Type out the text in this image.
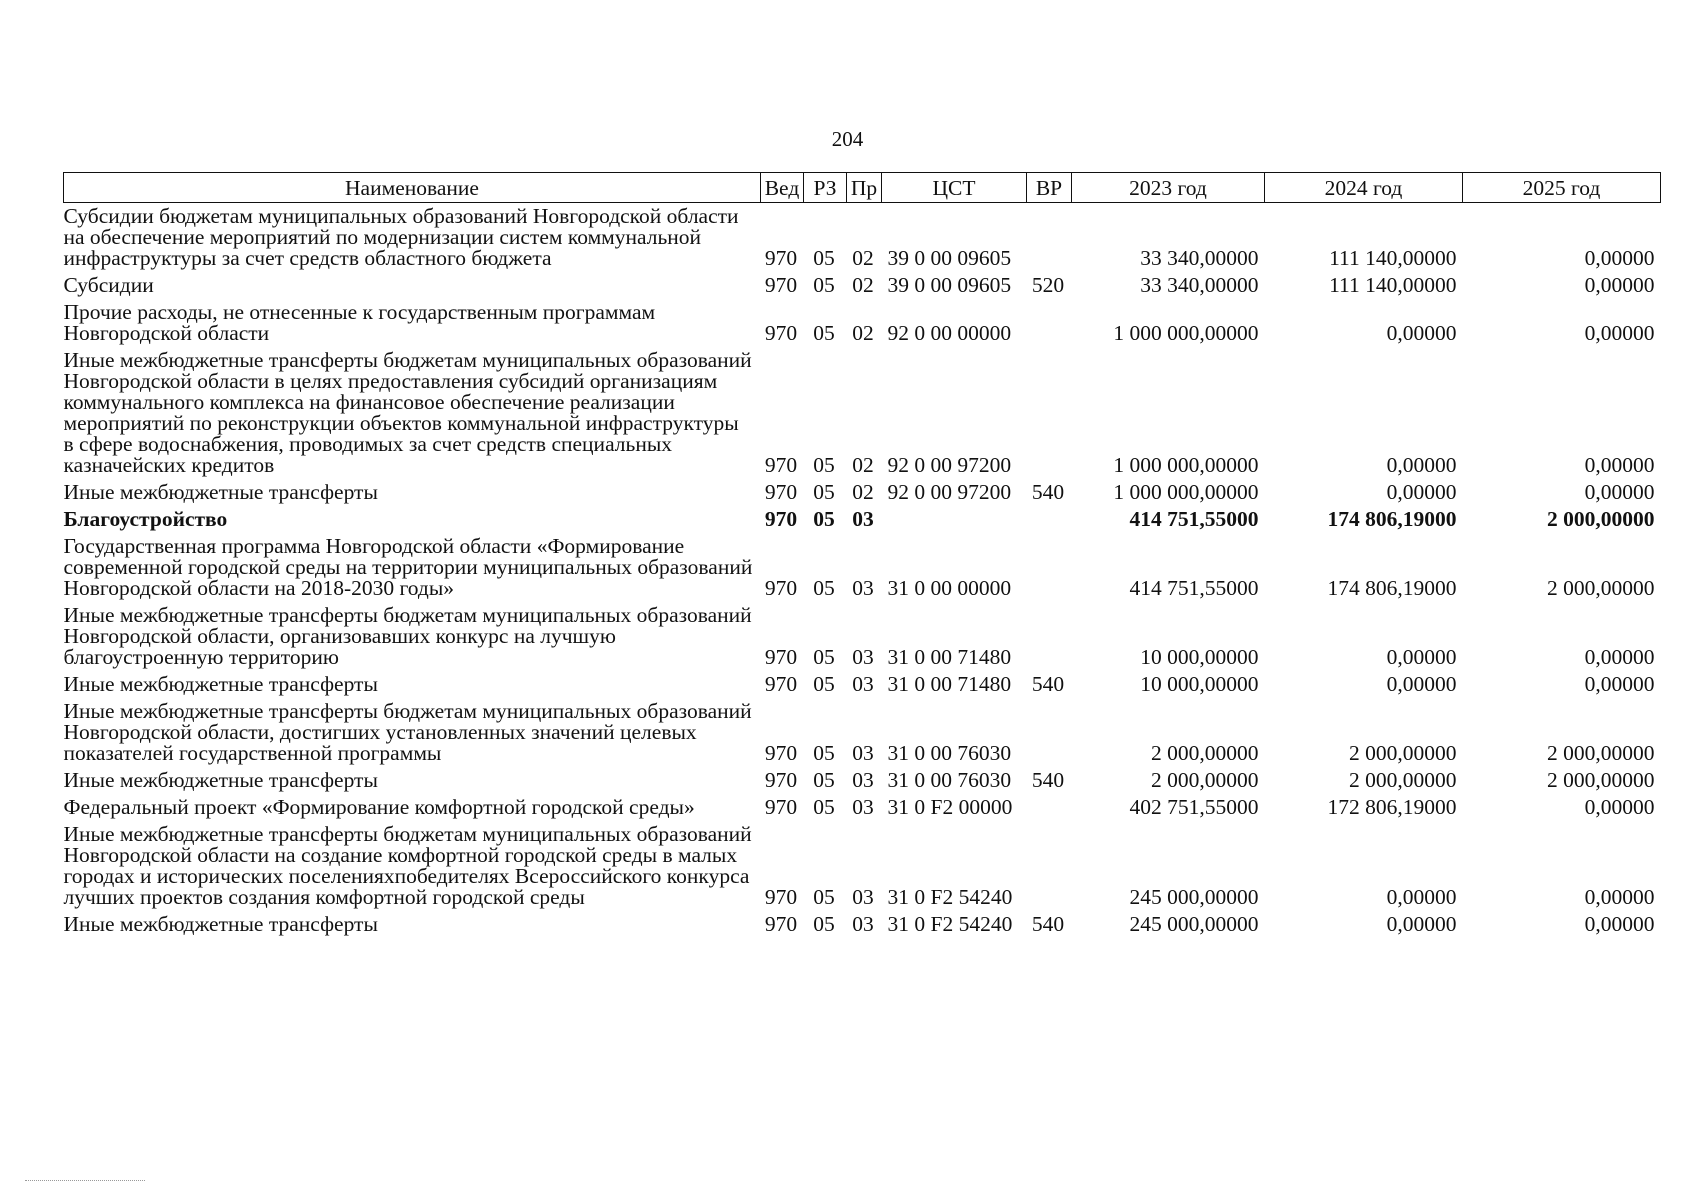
204
Наименование	Вед	РЗ	Пр	ЦСТ	ВР	2023 год	2024 год	2025 год
Субсидии бюджетам муниципальных образований Новгородской области на обеспечение мероприятий по модернизации систем коммунальной инфраструктуры за счет средств областного бюджета	970	05	02	39 0 00 09605		33 340,00000	111 140,00000	0,00000
Субсидии	970	05	02	39 0 00 09605	520	33 340,00000	111 140,00000	0,00000
Прочие расходы, не отнесенные к государственным программам Новгородской области	970	05	02	92 0 00 00000		1 000 000,00000	0,00000	0,00000
Иные межбюджетные трансферты бюджетам муниципальных образований Новгородской области в целях предоставления субсидий организациям коммунального комплекса на финансовое обеспечение реализации мероприятий по реконструкции объектов коммунальной инфраструктуры в сфере водоснабжения, проводимых за счет средств специальных казначейских кредитов	970	05	02	92 0 00 97200		1 000 000,00000	0,00000	0,00000
Иные межбюджетные трансферты	970	05	02	92 0 00 97200	540	1 000 000,00000	0,00000	0,00000
Благоустройство	970	05	03			414 751,55000	174 806,19000	2 000,00000
Государственная программа Новгородской области «Формирование современной городской среды на территории муниципальных образований Новгородской области на 2018-2030 годы»	970	05	03	31 0 00 00000		414 751,55000	174 806,19000	2 000,00000
Иные межбюджетные трансферты бюджетам муниципальных образований Новгородской области, организовавших конкурс на лучшую благоустроенную территорию	970	05	03	31 0 00 71480		10 000,00000	0,00000	0,00000
Иные межбюджетные трансферты	970	05	03	31 0 00 71480	540	10 000,00000	0,00000	0,00000
Иные межбюджетные трансферты бюджетам муниципальных образований Новгородской области, достигших установленных значений целевых показателей государственной программы	970	05	03	31 0 00 76030		2 000,00000	2 000,00000	2 000,00000
Иные межбюджетные трансферты	970	05	03	31 0 00 76030	540	2 000,00000	2 000,00000	2 000,00000
Федеральный проект «Формирование комфортной городской среды»	970	05	03	31 0 F2 00000		402 751,55000	172 806,19000	0,00000
Иные межбюджетные трансферты бюджетам муниципальных образований Новгородской области на создание комфортной городской среды в малых городах и исторических поселенияхпобедителях Всероссийского конкурса лучших проектов создания комфортной городской среды	970	05	03	31 0 F2 54240		245 000,00000	0,00000	0,00000
Иные межбюджетные трансферты	970	05	03	31 0 F2 54240	540	245 000,00000	0,00000	0,00000
